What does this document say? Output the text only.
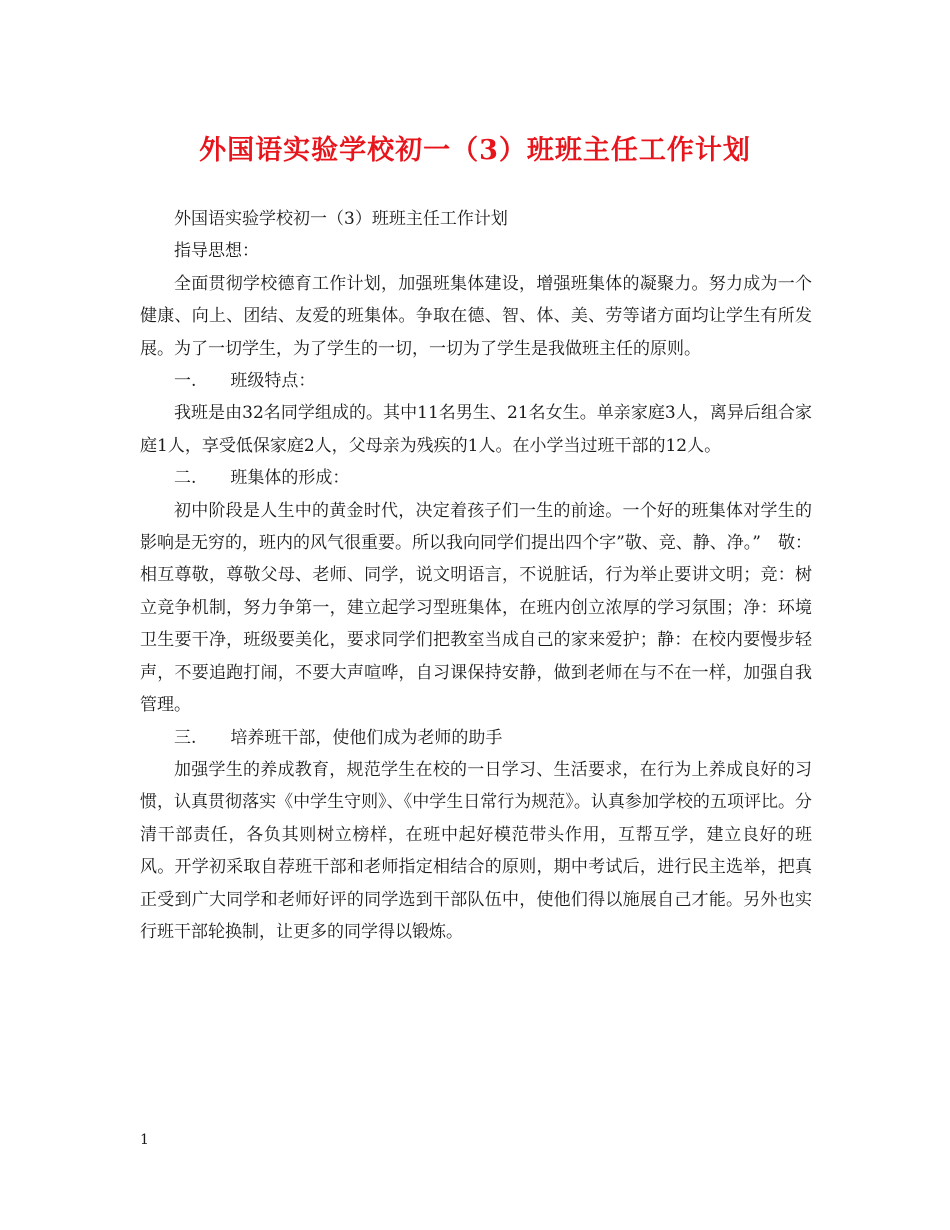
外国语实验学校初一（3）班班主任工作计划

外国语实验学校初一（3）班班主任工作计划

指导思想：

全面贯彻学校德育工作计划，加强班集体建设，增强班集体的凝聚力。努力成为一个健康、向上、团结、友爱的班集体。争取在德、智、体、美、劳等诸方面均让学生有所发展。为了一切学生，为了学生的一切，一切为了学生是我做班主任的原则。

一.　　班级特点：

我班是由32名同学组成的。其中11名男生、21名女生。单亲家庭3人，离异后组合家庭1人，享受低保家庭2人，父母亲为残疾的1人。在小学当过班干部的12人。

二.　　班集体的形成：

初中阶段是人生中的黄金时代，决定着孩子们一生的前途。一个好的班集体对学生的影响是无穷的，班内的风气很重要。所以我向同学们提出四个字”敬、竞、静、净。”　敬：相互尊敬，尊敬父母、老师、同学，说文明语言，不说脏话，行为举止要讲文明；竞：树立竞争机制，努力争第一，建立起学习型班集体，在班内创立浓厚的学习氛围；净：环境卫生要干净，班级要美化，要求同学们把教室当成自己的家来爱护；静：在校内要慢步轻声，不要追跑打闹，不要大声喧哗，自习课保持安静，做到老师在与不在一样，加强自我管理。

三.　　培养班干部，使他们成为老师的助手

加强学生的养成教育，规范学生在校的一日学习、生活要求，在行为上养成良好的习惯，认真贯彻落实《中学生守则》、《中学生日常行为规范》。认真参加学校的五项评比。分清干部责任，各负其则树立榜样，在班中起好模范带头作用，互帮互学，建立良好的班风。开学初采取自荐班干部和老师指定相结合的原则，期中考试后，进行民主选举，把真正受到广大同学和老师好评的同学选到干部队伍中，使他们得以施展自己才能。另外也实行班干部轮换制，让更多的同学得以锻炼。

1
